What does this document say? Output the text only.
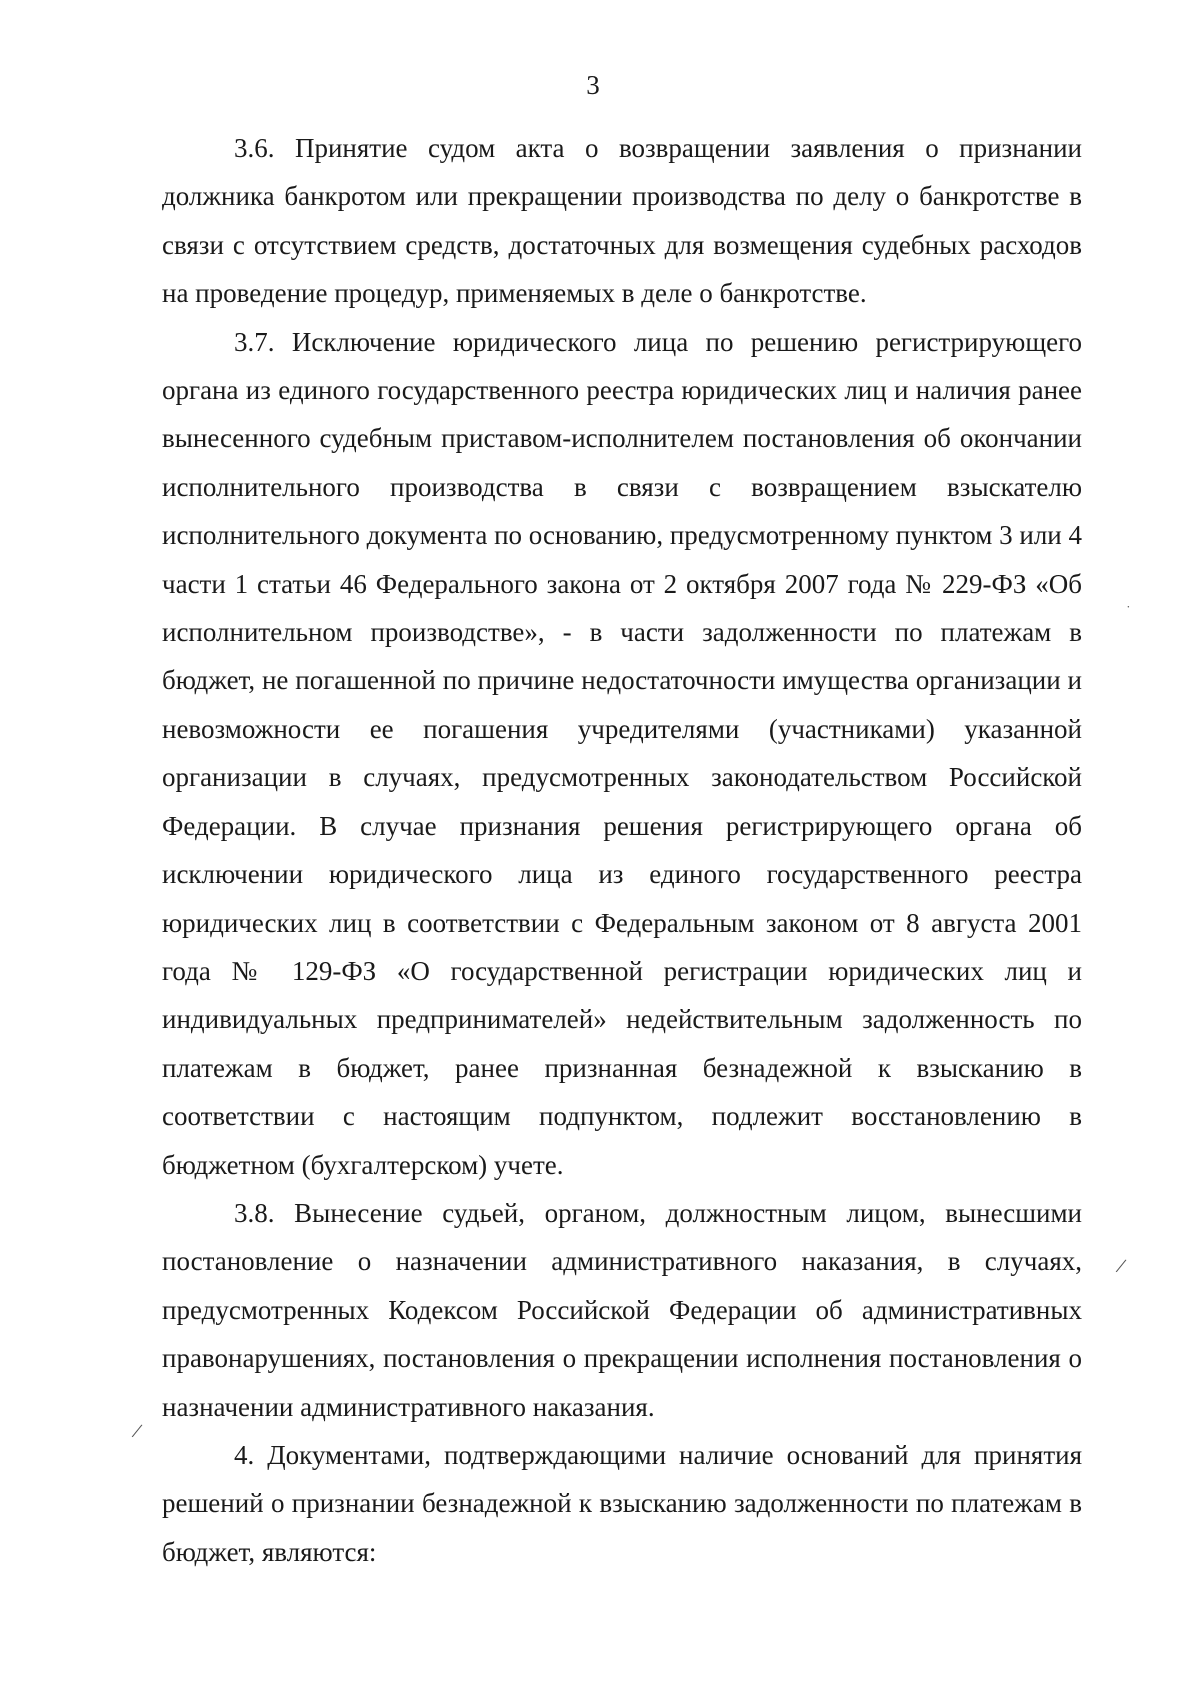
3

3.6. Принятие судом акта о возвращении заявления о признании должника банкротом или прекращении производства по делу о банкротстве в связи с отсутствием средств, достаточных для возмещения судебных расходов на проведение процедур, применяемых в деле о банкротстве.

3.7. Исключение юридического лица по решению регистрирующего органа из единого государственного реестра юридических лиц и наличия ранее вынесенного судебным приставом-исполнителем постановления об окончании исполнительного производства в связи с возвращением взыскателю исполнительного документа по основанию, предусмотренному пунктом 3 или 4 части 1 статьи 46 Федерального закона от 2 октября 2007 года № 229-ФЗ «Об исполнительном производстве», - в части задолженности по платежам в бюджет, не погашенной по причине недостаточности имущества организации и невозможности ее погашения учредителями (участниками) указанной организации в случаях, предусмотренных законодательством Российской Федерации. В случае признания решения регистрирующего органа об исключении юридического лица из единого государственного реестра юридических лиц в соответствии с Федеральным законом от 8 августа 2001 года № 129-ФЗ «О государственной регистрации юридических лиц и индивидуальных предпринимателей» недействительным задолженность по платежам в бюджет, ранее признанная безнадежной к взысканию в соответствии с настоящим подпунктом, подлежит восстановлению в бюджетном (бухгалтерском) учете.

3.8. Вынесение судьей, органом, должностным лицом, вынесшими постановление о назначении административного наказания, в случаях, предусмотренных Кодексом Российской Федерации об административных правонарушениях, постановления о прекращении исполнения постановления о назначении административного наказания.

4. Документами, подтверждающими наличие оснований для принятия решений о признании безнадежной к взысканию задолженности по платежам в бюджет, являются:

˙
/
/
